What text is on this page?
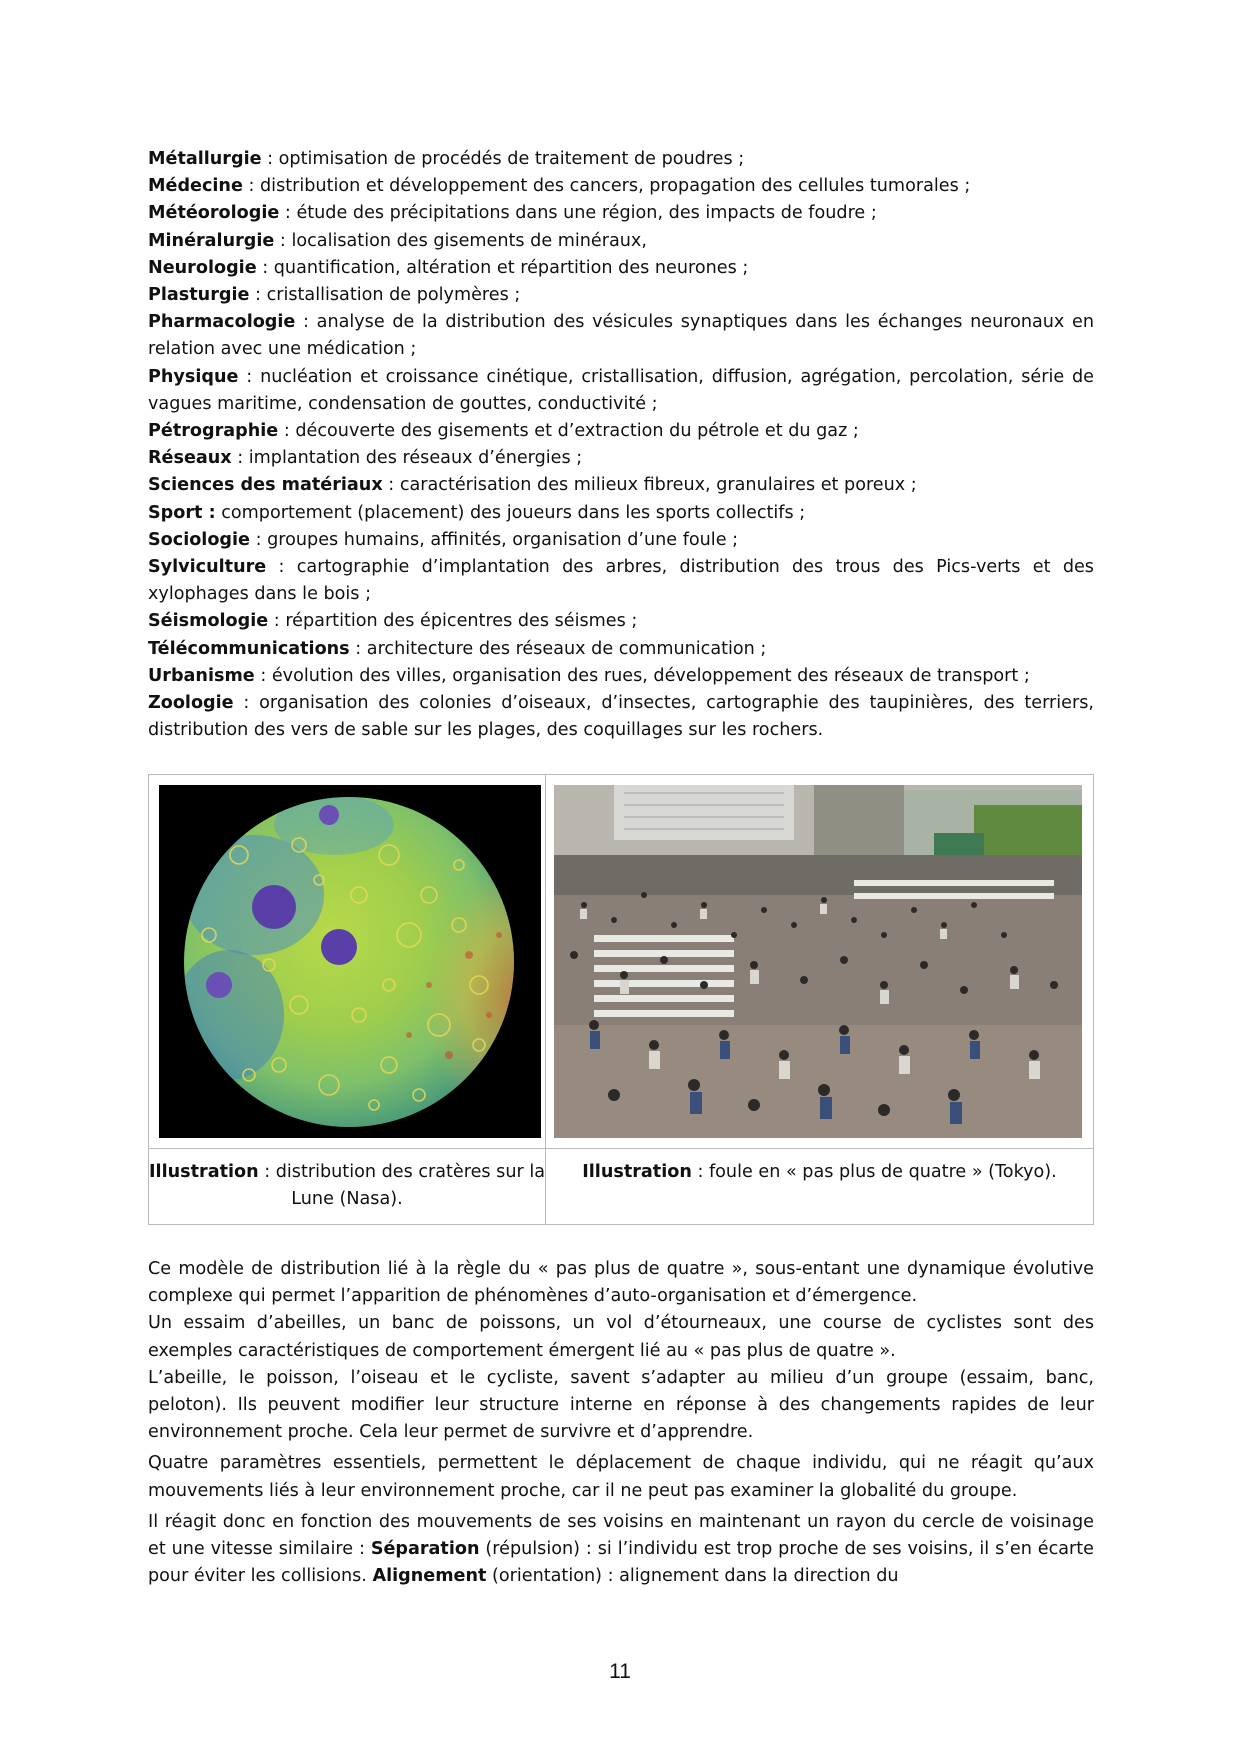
Métallurgie : optimisation de procédés de traitement de poudres ;

Médecine : distribution et développement des cancers, propagation des cellules tumorales ;

Météorologie : étude des précipitations dans une région, des impacts de foudre ;

Minéralurgie : localisation des gisements de minéraux,

Neurologie : quantification, altération et répartition des neurones ;

Plasturgie : cristallisation de polymères ;

Pharmacologie : analyse de la distribution des vésicules synaptiques dans les échanges neuronaux en relation avec une médication ;

Physique : nucléation et croissance cinétique, cristallisation, diffusion, agrégation, percolation, série de vagues maritime, condensation de gouttes, conductivité ;

Pétrographie : découverte des gisements et d’extraction du pétrole et du gaz ;

Réseaux : implantation des réseaux d’énergies ;

Sciences des matériaux : caractérisation des milieux fibreux, granulaires et poreux ;

Sport : comportement (placement) des joueurs dans les sports collectifs ;

Sociologie : groupes humains, affinités, organisation d’une foule ;

Sylviculture : cartographie d’implantation des arbres, distribution des trous des Pics-verts et des xylophages dans le bois ;

Séismologie : répartition des épicentres des séismes ;

Télécommunications : architecture des réseaux de communication ;

Urbanisme : évolution des villes, organisation des rues, développement des réseaux de transport ;

Zoologie : organisation des colonies d’oiseaux, d’insectes, cartographie des taupinières, des terriers, distribution des vers de sable sur les plages, des coquillages sur les rochers.

Illustration : distribution des cratères sur la Lune (Nasa).	Illustration : foule en « pas plus de quatre » (Tokyo).

Ce modèle de distribution lié à la règle du « pas plus de quatre », sous-entant une dynamique évolutive complexe qui permet l’apparition de phénomènes d’auto-organisation et d’émergence.

Un essaim d’abeilles, un banc de poissons, un vol d’étourneaux, une course de cyclistes sont des exemples caractéristiques de comportement émergent lié au « pas plus de quatre ».

L’abeille, le poisson, l’oiseau et le cycliste, savent s’adapter au milieu d’un groupe (essaim, banc, peloton). Ils peuvent modifier leur structure interne en réponse à des changements rapides de leur environnement proche. Cela leur permet de survivre et d’apprendre.

Quatre paramètres essentiels, permettent le déplacement de chaque individu, qui ne réagit qu’aux mouvements liés à leur environnement proche, car il ne peut pas examiner la globalité du groupe.

Il réagit donc en fonction des mouvements de ses voisins en maintenant un rayon du cercle de voisinage et une vitesse similaire : Séparation (répulsion) : si l’individu est trop proche de ses voisins, il s’en écarte pour éviter les collisions. Alignement (orientation) : alignement dans la direction du

11
